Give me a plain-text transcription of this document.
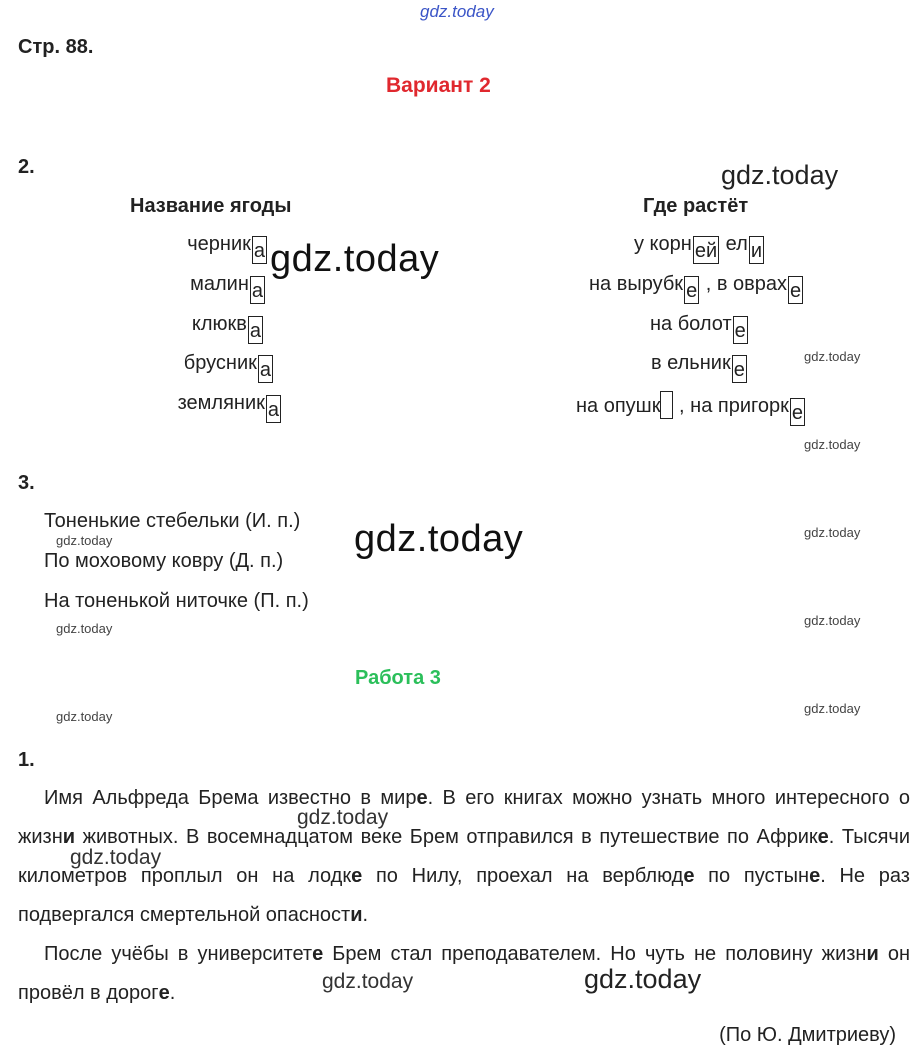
gdz.today
Стр. 88.
Вариант 2
2.
Название ягоды	Где растёт
черник а
малин а
клюкв а
брусник а
земляник а
у корн ей ел и
на вырубк е , в оврах е
на болот е
в ельник е
на опушк , на пригорк е
3.
Тоненькие стебельки (И. п.)
По моховому ковру (Д. п.)
На тоненькой ниточке (П. п.)
Работа 3
1.
Имя Альфреда Брема известно в мире. В его книгах можно узнать много интересного о жизни животных. В восемнадцатом веке Брем отправился в путешествие по Африке. Тысячи километров проплыл он на лодке по Нилу, проехал на верблюде по пустыне. Не раз подвергался смертельной опасности.
После учёбы в университете Брем стал преподавателем. Но чуть не половину жизни он провёл в дороге.
(По Ю. Дмитриеву)
gdz.today
gdz.today
gdz.today
gdz.today
gdz.today
gdz.today
gdz.today
gdz.today
gdz.today
gdz.today
gdz.today
gdz.today
gdz.today
gdz.today
gdz.today
